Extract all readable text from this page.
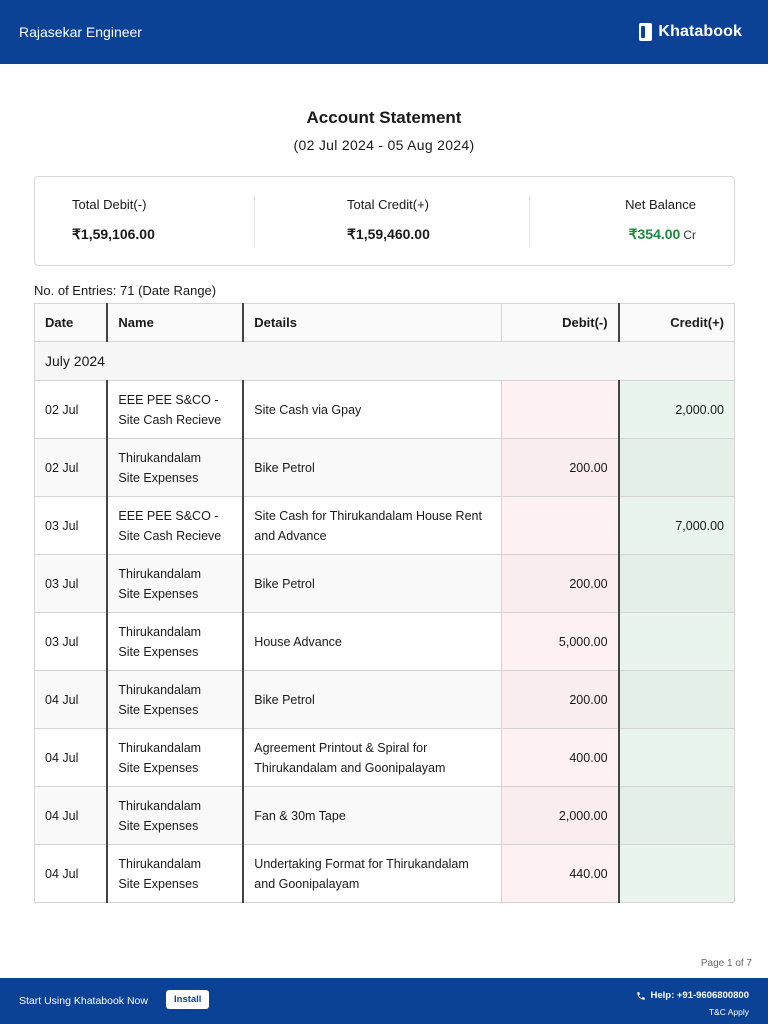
Rajasekar Engineer	Khatabook
Account Statement
(02 Jul 2024 - 05 Aug 2024)
Total Debit(-)
₹1,59,106.00
Total Credit(+)
₹1,59,460.00
Net Balance
₹354.00 Cr
No. of Entries: 71 (Date Range)
Date	Name	Details	Debit(-)	Credit(+)
July 2024				
02 Jul	EEE PEE S&CO -
Site Cash Recieve	Site Cash via Gpay		2,000.00
02 Jul	Thirukandalam
Site Expenses	Bike Petrol	200.00	
03 Jul	EEE PEE S&CO -
Site Cash Recieve	Site Cash for Thirukandalam House Rent and Advance		7,000.00
03 Jul	Thirukandalam
Site Expenses	Bike Petrol	200.00	
03 Jul	Thirukandalam
Site Expenses	House Advance	5,000.00	
04 Jul	Thirukandalam
Site Expenses	Bike Petrol	200.00	
04 Jul	Thirukandalam
Site Expenses	Agreement Printout & Spiral for Thirukandalam and Goonipalayam	400.00	
04 Jul	Thirukandalam
Site Expenses	Fan & 30m Tape	2,000.00	
04 Jul	Thirukandalam
Site Expenses	Undertaking Format for Thirukandalam and Goonipalayam	440.00	
Page 1 of 7
Start Using Khatabook Now	Install	Help: +91-9606800800
T&C Apply
